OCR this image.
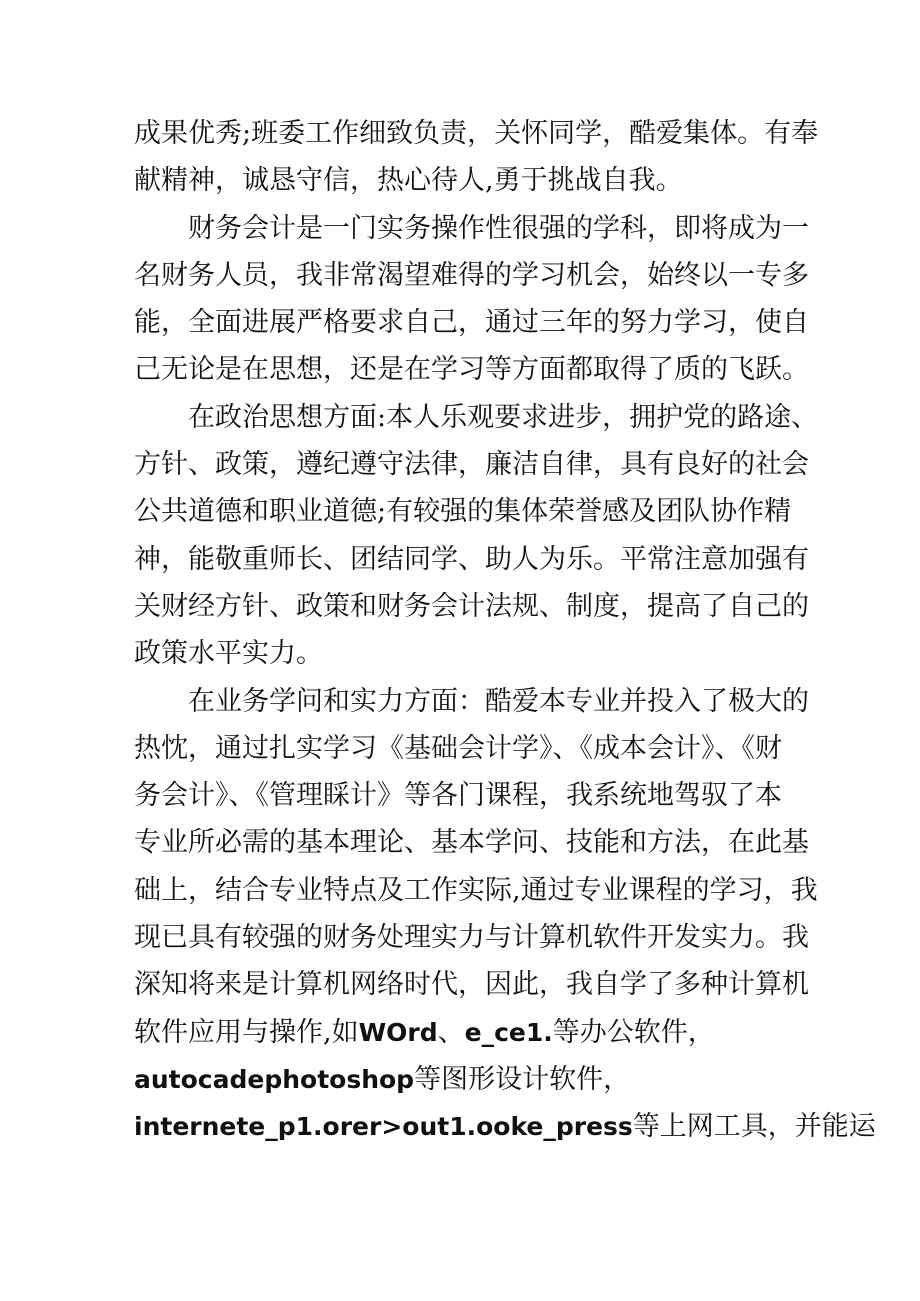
成果优秀;班委工作细致负责，关怀同学，酷爱集体。有奉
献精神，诚恳守信，热心待人,勇于挑战自我。
财务会计是一门实务操作性很强的学科，即将成为一
名财务人员，我非常渴望难得的学习机会，始终以一专多
能，全面进展严格要求自己，通过三年的努力学习，使自
己无论是在思想，还是在学习等方面都取得了质的飞跃。
在政治思想方面:本人乐观要求进步，拥护党的路途、
方针、政策，遵纪遵守法律，廉洁自律，具有良好的社会
公共道德和职业道德;有较强的集体荣誉感及团队协作精
神，能敬重师长、团结同学、助人为乐。平常注意加强有
关财经方针、政策和财务会计法规、制度，提高了自己的
政策水平实力。
在业务学问和实力方面：酷爱本专业并投入了极大的
热忱，通过扎实学习《基础会计学》、《成本会计》、《财
务会计》、《管理睬计》等各门课程，我系统地驾驭了本
专业所必需的基本理论、基本学问、技能和方法，在此基
础上，结合专业特点及工作实际,通过专业课程的学习，我
现已具有较强的财务处理实力与计算机软件开发实力。我
深知将来是计算机网络时代，因此，我自学了多种计算机
软件应用与操作,如WOrd、e_ce1.等办公软件，
autocadephotoshop等图形设计软件，
internete_p1.orer>out1.ooke_press等上网工具，并能运
